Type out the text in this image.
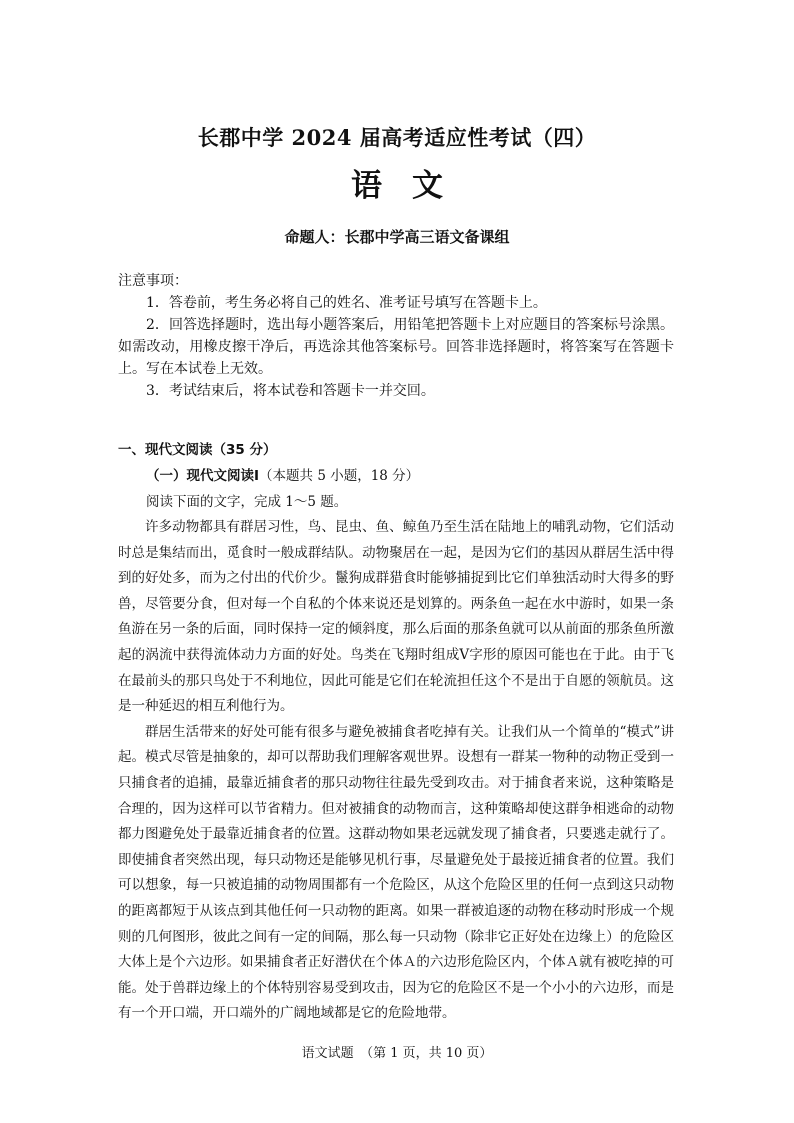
长郡中学 2024 届高考适应性考试（四）
语文
命题人：长郡中学高三语文备课组
注意事项：
1．答卷前，考生务必将自己的姓名、准考证号填写在答题卡上。
2．回答选择题时，选出每小题答案后，用铅笔把答题卡上对应题目的答案标号涂黑。如需改动，用橡皮擦干净后，再选涂其他答案标号。回答非选择题时，将答案写在答题卡上。写在本试卷上无效。
3．考试结束后，将本试卷和答题卡一并交回。
一、现代文阅读（35 分）
（一）现代文阅读Ⅰ（本题共 5 小题，18 分）
阅读下面的文字，完成 1～5 题。

许多动物都具有群居习性，鸟、昆虫、鱼、鲸鱼乃至生活在陆地上的哺乳动物，它们活动时总是集结而出，觅食时一般成群结队。动物聚居在一起，是因为它们的基因从群居生活中得到的好处多，而为之付出的代价少。鬣狗成群猎食时能够捕捉到比它们单独活动时大得多的野兽，尽管要分食，但对每一个自私的个体来说还是划算的。两条鱼一起在水中游时，如果一条鱼游在另一条的后面，同时保持一定的倾斜度，那么后面的那条鱼就可以从前面的那条鱼所激起的涡流中获得流体动力方面的好处。鸟类在飞翔时组成Ⅴ字形的原因可能也在于此。由于飞在最前头的那只鸟处于不利地位，因此可能是它们在轮流担任这个不是出于自愿的领航员。这是一种延迟的相互利他行为。

群居生活带来的好处可能有很多与避免被捕食者吃掉有关。让我们从一个简单的“模式”讲起。模式尽管是抽象的，却可以帮助我们理解客观世界。设想有一群某一物种的动物正受到一只捕食者的追捕，最靠近捕食者的那只动物往往最先受到攻击。对于捕食者来说，这种策略是合理的，因为这样可以节省精力。但对被捕食的动物而言，这种策略却使这群争相逃命的动物都力图避免处于最靠近捕食者的位置。这群动物如果老远就发现了捕食者，只要逃走就行了。即使捕食者突然出现，每只动物还是能够见机行事，尽量避免处于最接近捕食者的位置。我们可以想象，每一只被追捕的动物周围都有一个危险区，从这个危险区里的任何一点到这只动物的距离都短于从该点到其他任何一只动物的距离。如果一群被追逐的动物在移动时形成一个规则的几何图形，彼此之间有一定的间隔，那么每一只动物（除非它正好处在边缘上）的危险区大体上是个六边形。如果捕食者正好潜伏在个体Ａ的六边形危险区内，个体Ａ就有被吃掉的可能。处于兽群边缘上的个体特别容易受到攻击，因为它的危险区不是一个小小的六边形，而是有一个开口端，开口端外的广阔地域都是它的危险地带。

语文试题　（第 1 页，共 10 页）
